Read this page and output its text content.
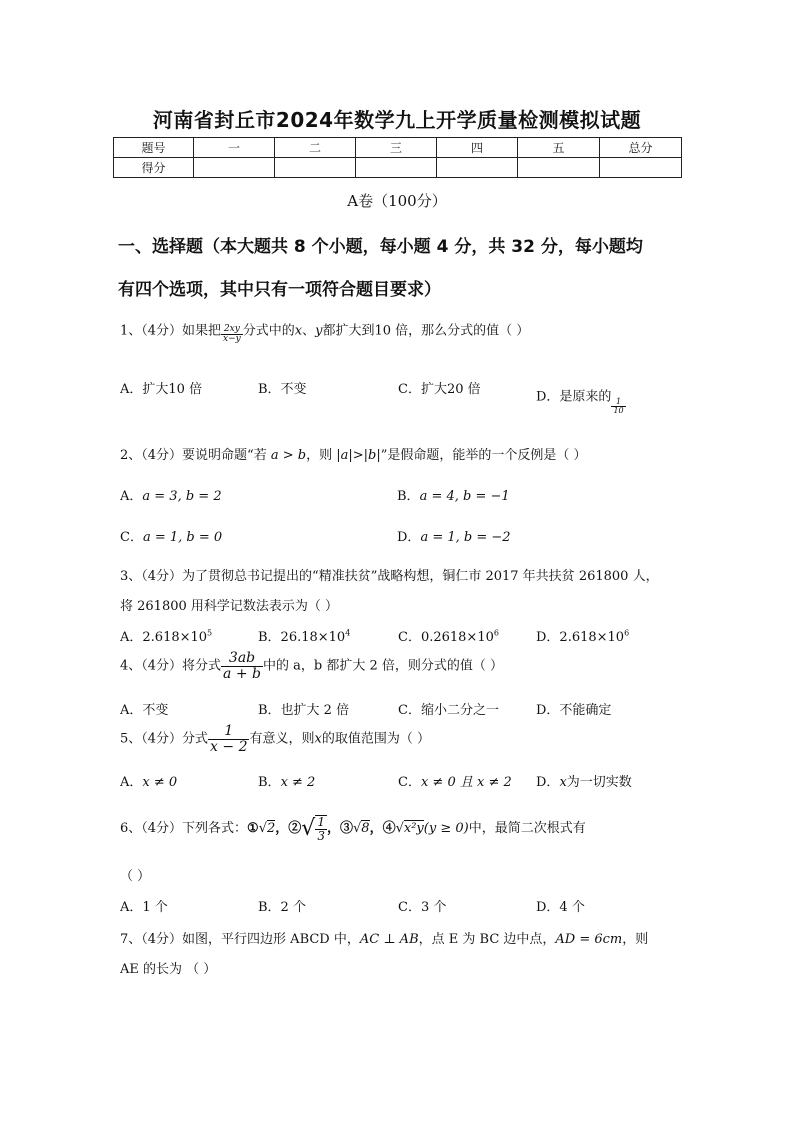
河南省封丘市2024年数学九上开学质量检测模拟试题
题号	一	二	三	四	五	总分
得分						
A卷（100分）
一、选择题（本大题共 8 个小题，每小题 4 分，共 32 分，每小题均
有四个选项，其中只有一项符合题目要求）
1、（4分）如果把 $\frac{2xy}{x-y}$ 分式中的x、y都扩大到10 倍，那么分式的值（ ）
A．扩大10 倍	B．不变	C．扩大20 倍	D．是原来的
$\frac{1}{10}$
2、（4分）要说明命题“若 a > b，则 |a|>|b|”是假命题，能举的一个反例是（ ）
A．a = 3, b = 2	B．a = 4, b = −1
C．a = 1, b = 0	D．a = 1, b = −2
3、（4分）为了贯彻总书记提出的“精准扶贫”战略构想，铜仁市 2017 年共扶贫 261800 人，
将 261800 用科学记数法表示为（ ）
A．$2.618\times 10^5$	B．$26.18\times 10^4$	C．$0.2618\times 10^6$	D．$2.618\times 10^6$
4、（4分）将分式 $\frac{3ab}{a + b}$ 中的 a，b 都扩大 2 倍，则分式的值（ ）
A．不变	B．也扩大 2 倍	C．缩小二分之一	D．不能确定
5、（4分）分式 $\frac{1}{x - 2}$ 有意义，则x的取值范围为（ ）
A．x ≠ 0	B．x ≠ 2	C．x ≠ 0 且 x ≠ 2 D．x为一切实数
6、（4分）下列各式：①√2，②√ $\frac{1}{3}$ ，③√8，④√x²y(y ≥ 0)中，最简二次根式有
（ ）
A．1 个	B．2 个	C．3 个	D．4 个
7、（4分）如图，平行四边形 ABCD 中，AC ⊥ AB，点 E 为 BC 边中点，AD = 6cm，则
AE 的长为 （ ）
